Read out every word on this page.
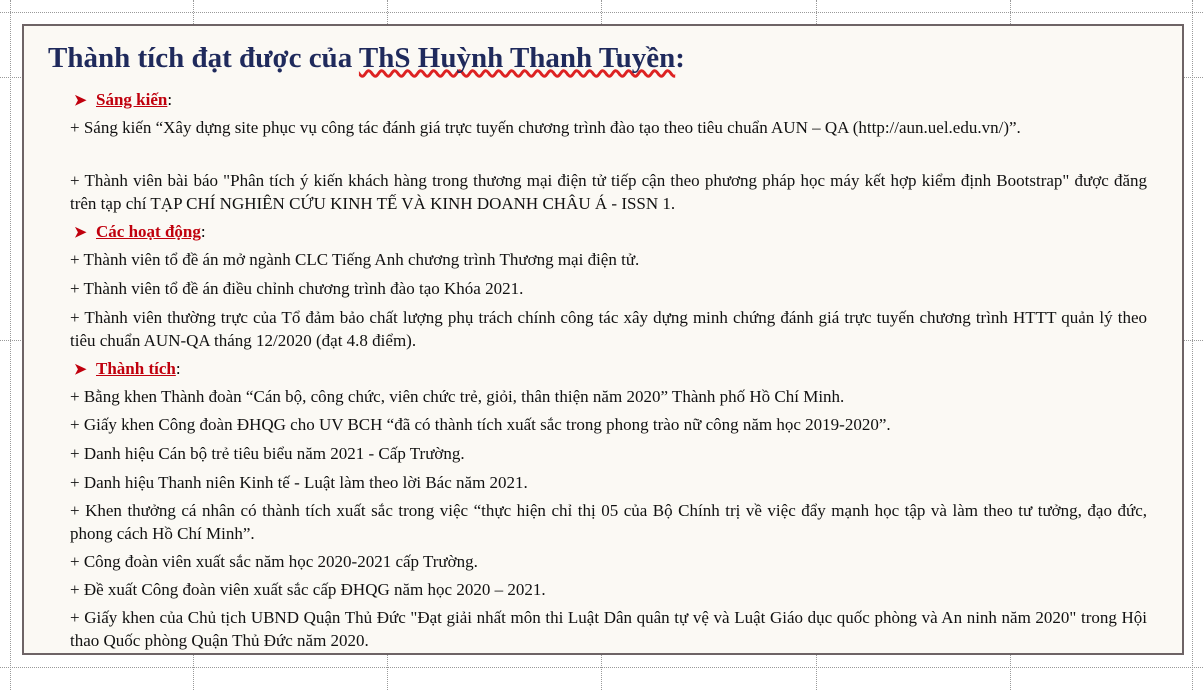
Thành tích đạt được của ThS Huỳnh Thanh Tuyền:
➤ Sáng kiến:
+ Sáng kiến “Xây dựng site phục vụ công tác đánh giá trực tuyến chương trình đào tạo theo tiêu chuẩn AUN – QA (http://aun.uel.edu.vn/)”.
+ Thành viên bài báo "Phân tích ý kiến khách hàng trong thương mại điện tử tiếp cận theo phương pháp học máy kết hợp kiểm định Bootstrap" được đăng trên tạp chí TẠP CHÍ NGHIÊN CỨU KINH TẾ VÀ KINH DOANH CHÂU Á - ISSN 1.
➤ Các hoạt động:
+ Thành viên tổ đề án mở ngành CLC Tiếng Anh chương trình Thương mại điện tử.
+ Thành viên tổ đề án điều chỉnh chương trình đào tạo Khóa 2021.
+ Thành viên thường trực của Tổ đảm bảo chất lượng phụ trách chính công tác xây dựng minh chứng đánh giá trực tuyến chương trình HTTT quản lý theo tiêu chuẩn AUN-QA tháng 12/2020 (đạt 4.8 điểm).
➤ Thành tích:
+ Bằng khen Thành đoàn “Cán bộ, công chức, viên chức trẻ, giỏi, thân thiện năm 2020” Thành phố Hồ Chí Minh.
+ Giấy khen Công đoàn ĐHQG cho UV BCH “đã có thành tích xuất sắc trong phong trào nữ công năm học 2019-2020”.
+ Danh hiệu Cán bộ trẻ tiêu biểu năm 2021 - Cấp Trường.
+ Danh hiệu Thanh niên Kinh tế - Luật làm theo lời Bác năm 2021.
+ Khen thưởng cá nhân có thành tích xuất sắc trong việc “thực hiện chỉ thị 05 của Bộ Chính trị về việc đẩy mạnh học tập và làm theo tư tưởng, đạo đức, phong cách Hồ Chí Minh”.
+ Công đoàn viên xuất sắc năm học 2020-2021 cấp Trường.
+ Đề xuất Công đoàn viên xuất sắc cấp ĐHQG năm học 2020 – 2021.
+ Giấy khen của Chủ tịch UBND Quận Thủ Đức "Đạt giải nhất môn thi Luật Dân quân tự vệ và Luật Giáo dục quốc phòng và An ninh năm 2020" trong Hội thao Quốc phòng Quận Thủ Đức năm 2020.
